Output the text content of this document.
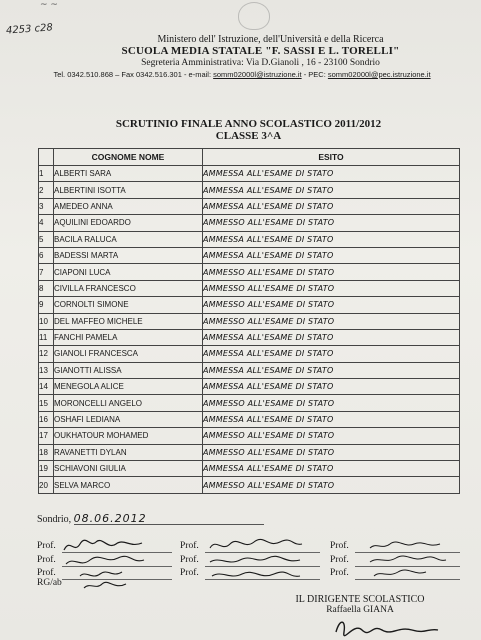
~ ~
4253 c28
Ministero dell' Istruzione, dell'Università e della Ricerca
SCUOLA MEDIA STATALE "F. SASSI E L. TORELLI"
Segreteria Amministrativa: Via D.Gianoli , 16 - 23100 Sondrio
Tel. 0342.510.868 – Fax 0342.516.301 - e-mail: somm02000l@istruzione.it - PEC: somm02000l@pec.istruzione.it
SCRUTINIO FINALE ANNO SCOLASTICO 2011/2012
CLASSE 3^A
	COGNOME NOME	ESITO
1	ALBERTI SARA	AMMESSA ALL'ESAME DI STATO
2	ALBERTINI ISOTTA	AMMESSA ALL'ESAME DI STATO
3	AMEDEO ANNA	AMMESSA ALL'ESAME DI STATO
4	AQUILINI EDOARDO	AMMESSO ALL'ESAME DI STATO
5	BACILA RALUCA	AMMESSA ALL'ESAME DI STATO
6	BADESSI MARTA	AMMESSA ALL'ESAME DI STATO
7	CIAPONI LUCA	AMMESSO ALL'ESAME DI STATO
8	CIVILLA FRANCESCO	AMMESSO ALL'ESAME DI STATO
9	CORNOLTI SIMONE	AMMESSO ALL'ESAME DI STATO
10	DEL MAFFEO MICHELE	AMMESSO ALL'ESAME DI STATO
11	FANCHI PAMELA	AMMESSA ALL'ESAME DI STATO
12	GIANOLI FRANCESCA	AMMESSA ALL'ESAME DI STATO
13	GIANOTTI ALISSA	AMMESSA ALL'ESAME DI STATO
14	MENEGOLA ALICE	AMMESSA ALL'ESAME DI STATO
15	MORONCELLI ANGELO	AMMESSO ALL'ESAME DI STATO
16	OSHAFI LEDIANA	AMMESSA ALL'ESAME DI STATO
17	OUKHATOUR MOHAMED	AMMESSO ALL'ESAME DI STATO
18	RAVANETTI DYLAN	AMMESSO ALL'ESAME DI STATO
19	SCHIAVONI GIULIA	AMMESSA ALL'ESAME DI STATO
20	SELVA MARCO	AMMESSO ALL'ESAME DI STATO
Sondrio, 08.06.2012
Prof.
Prof.
Prof.
Prof.
Prof.
Prof.
Prof.
Prof.
Prof.
RG/ab
IL DIRIGENTE SCOLASTICO
Raffaella GIANA
